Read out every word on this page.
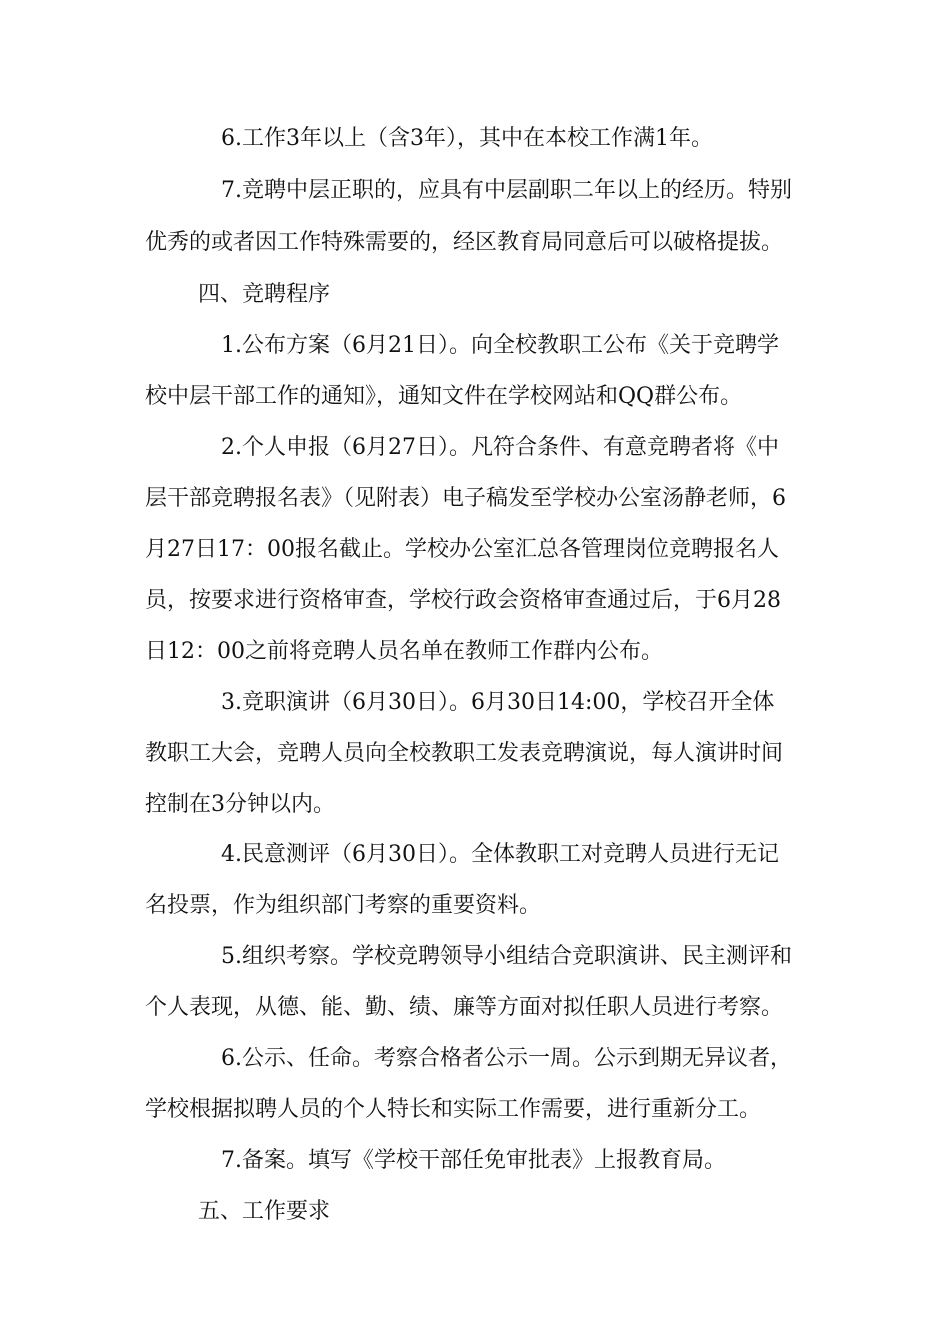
6.工作3年以上（含3年），其中在本校工作满1年。
7.竞聘中层正职的，应具有中层副职二年以上的经历。特别
优秀的或者因工作特殊需要的，经区教育局同意后可以破格提拔。
四、竞聘程序
1.公布方案（6月21日）。向全校教职工公布《关于竞聘学
校中层干部工作的通知》，通知文件在学校网站和QQ群公布。
2.个人申报（6月27日）。凡符合条件、有意竞聘者将《中
层干部竞聘报名表》（见附表）电子稿发至学校办公室汤静老师，6
月27日17：00报名截止。学校办公室汇总各管理岗位竞聘报名人
员，按要求进行资格审查，学校行政会资格审查通过后，于6月28
日12：00之前将竞聘人员名单在教师工作群内公布。
3.竞职演讲（6月30日）。6月30日14:00，学校召开全体
教职工大会，竞聘人员向全校教职工发表竞聘演说，每人演讲时间
控制在3分钟以内。
4.民意测评（6月30日）。全体教职工对竞聘人员进行无记
名投票，作为组织部门考察的重要资料。
5.组织考察。学校竞聘领导小组结合竞职演讲、民主测评和
个人表现，从德、能、勤、绩、廉等方面对拟任职人员进行考察。
6.公示、任命。考察合格者公示一周。公示到期无异议者，
学校根据拟聘人员的个人特长和实际工作需要，进行重新分工。
7.备案。填写《学校干部任免审批表》上报教育局。
五、工作要求
